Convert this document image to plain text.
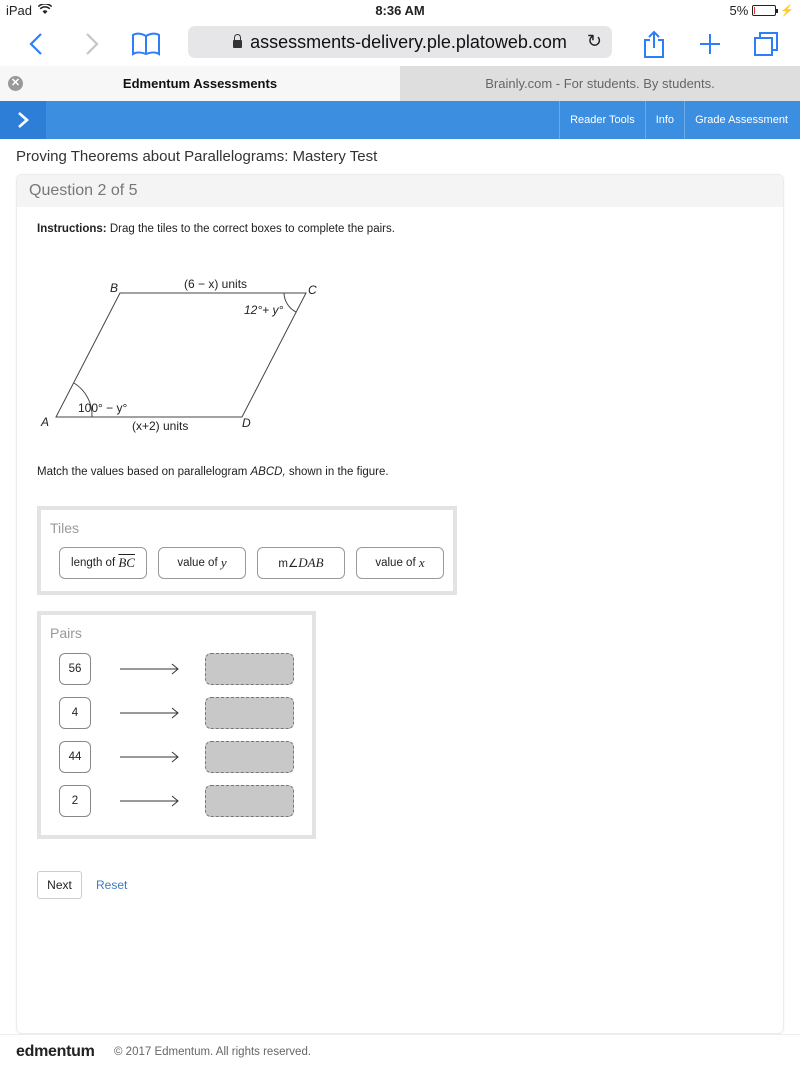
iPad	8:36 AM	5%	⚡
assessments-delivery.ple.platoweb.com ↻
✕	Edmentum Assessments	Brainly.com - For students. By students.
Reader Tools	Info	Grade Assessment
Proving Theorems about Parallelograms: Mastery Test
Question 2 of 5
Instructions: Drag the tiles to the correct boxes to complete the pairs.
B	C
A	D
(6 − x) units
(x+2) units
12°+ y°
100° − y°
Match the values based on parallelogram ABCD, shown in the figure.
Tiles
length of $\overline{BC}$	value of y	m∠ DAB	value of x
Pairs
56
4
44
2
Next	Reset
edmentum © 2017 Edmentum. All rights reserved.
